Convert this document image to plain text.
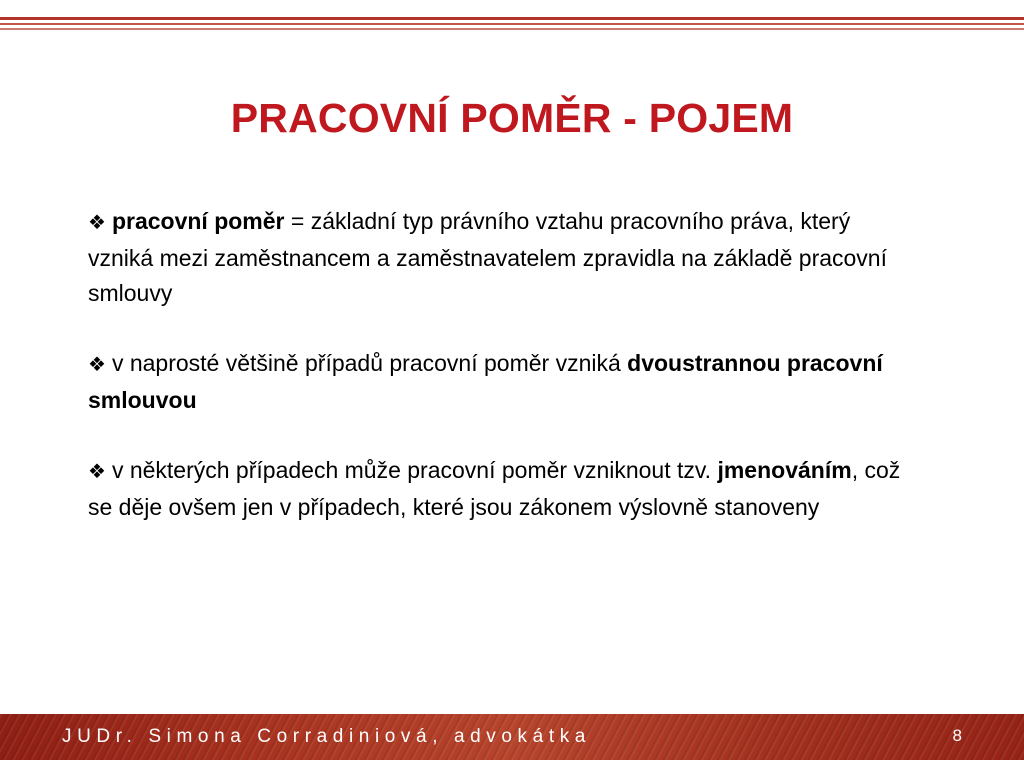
PRACOVNÍ POMĚR - POJEM

❖ pracovní poměr = základní typ právního vztahu pracovního práva, který vzniká mezi zaměstnancem a zaměstnavatelem zpravidla na základě pracovní smlouvy

❖ v naprosté většině případů pracovní poměr vzniká dvoustrannou pracovní smlouvou

❖ v některých případech může pracovní poměr vzniknout tzv. jmenováním, což se děje ovšem jen v případech, které jsou zákonem výslovně stanoveny

JUDr. Simona Corradiniová, advokátka	8
